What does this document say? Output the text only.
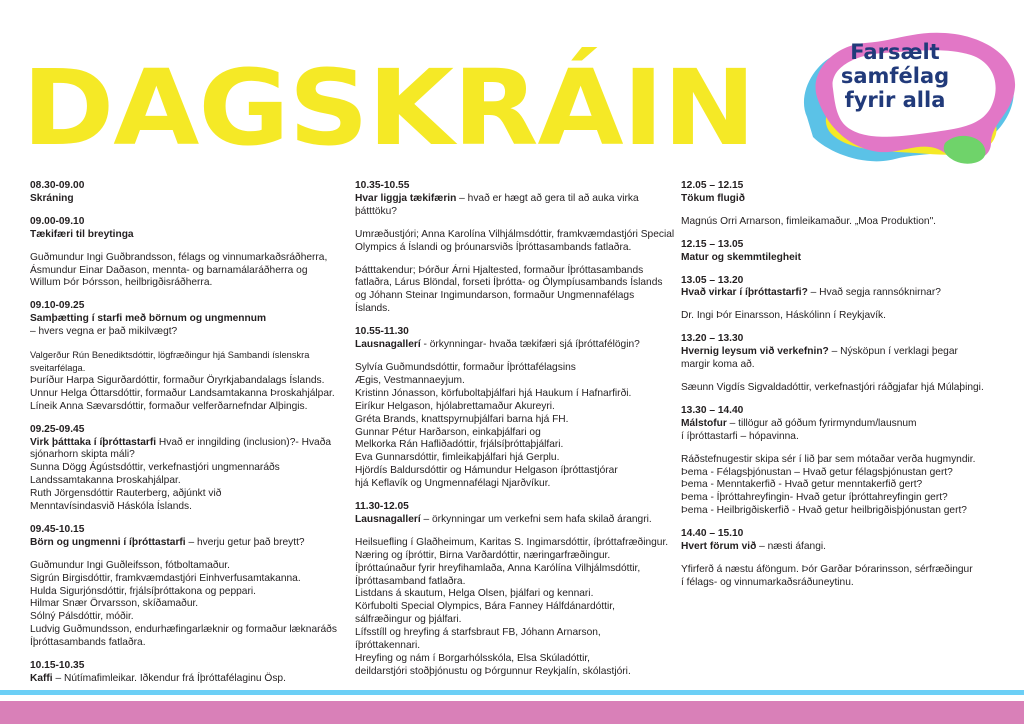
DAGSKRÁIN	Farsælt
samfélag
fyrir alla
08.30-09.00
Skráning
09.00-09.10
Tækifæri til breytinga
Guðmundur Ingi Guðbrandsson, félags og vinnumarkaðsráðherra,
Ásmundur Einar Daðason, mennta- og barnamálaráðherra og
Willum Þór Þórsson, heilbrigðisráðherra.
09.10-09.25
Samþætting í starfi með börnum og ungmennum
– hvers vegna er það mikilvægt?
Valgerður Rún Benediktsdóttir, lögfræðingur hjá Sambandi íslenskra sveitarfélaga.
Þuríður Harpa Sigurðardóttir, formaður Öryrkjabandalags Íslands.
Unnur Helga Óttarsdóttir, formaður Landsamtakanna Þroskahjálpar.
Líneik Anna Sævarsdóttir, formaður velferðarnefndar Alþingis.
09.25-09.45
Virk þátttaka í íþróttastarfi Hvað er inngilding (inclusion)?- Hvaða sjónarhorn skipta máli?
Sunna Dögg Ágústsdóttir, verkefnastjóri ungmennaráðs
Landssamtakanna Þroskahjálpar.
Ruth Jörgensdóttir Rauterberg, aðjúnkt við
Menntavísindasvið Háskóla Íslands.
09.45-10.15
Börn og ungmenni í íþróttastarfi – hverju getur það breytt?
Guðmundur Ingi Guðleifsson, fótboltamaður.
Sigrún Birgisdóttir, framkvæmdastjóri Einhverfusamtakanna.
Hulda Sigurjónsdóttir, frjálsíþróttakona og peppari.
Hilmar Snær Örvarsson, skíðamaður.
Sólný Pálsdóttir, móðir.
Ludvig Guðmundsson, endurhæfingarlæknir og formaður læknaráðs
Íþróttasambands fatlaðra.
10.15-10.35
Kaffi – Nútímafimleikar. Iðkendur frá Íþróttafélaginu Ösp.
10.35-10.55
Hvar liggja tækifærin – hvað er hægt að gera til að auka virka þátttöku?
Umræðustjóri; Anna Karolína Vilhjálmsdóttir, framkvæmdastjóri Special
Olympics á Íslandi og þróunarsviðs Íþróttasambands fatlaðra.
Þátttakendur; Þórður Árni Hjaltested, formaður Íþróttasambands
fatlaðra, Lárus Blöndal, forseti Íþrótta- og Ólympíusambands Íslands
og Jóhann Steinar Ingimundarson, formaður Ungmennafélags
Íslands.
10.55-11.30
Lausnagallerí - örkynningar- hvaða tækifæri sjá íþróttafélögin?
Sylvía Guðmundsdóttir, formaður Íþróttafélagsins
Ægis, Vestmannaeyjum.
Kristinn Jónasson, körfuboltaþjálfari hjá Haukum í Hafnarfirði.
Eiríkur Helgason, hjólabrettamaður Akureyri.
Gréta Brands, knattspyrnuþjálfari barna hjá FH.
Gunnar Pétur Harðarson, einkaþjálfari og
Melkorka Rán Hafliðadóttir, frjálsíþróttaþjálfari.
Eva Gunnarsdóttir, fimleikaþjálfari hjá Gerplu.
Hjördís Baldursdóttir og Hámundur Helgason íþróttastjórar
hjá Keflavík og Ungmennafélagi Njarðvíkur.
11.30-12.05
Lausnagallerí – örkynningar um verkefni sem hafa skilað árangri.
Heilsuefling í Glaðheimum, Karitas S. Ingimarsdóttir, íþróttafræðingur.
Næring og íþróttir, Birna Varðardóttir, næringarfræðingur.
Íþróttaúnaður fyrir hreyfihamlaða, Anna Karólína Vilhjálmsdóttir,
Íþróttasamband fatlaðra.
Listdans á skautum, Helga Olsen, þjálfari og kennari.
Körfubolti Special Olympics, Bára Fanney Hálfdánardóttir,
sálfræðingur og þjálfari.
Lífsstíll og hreyfing á starfsbraut FB, Jóhann Arnarson,
íþróttakennari.
Hreyfing og nám í Borgarhólsskóla, Elsa Skúladóttir,
deildarstjóri stoðþjónustu og Þórgunnur Reykjalín, skólastjóri.
12.05 – 12.15
Tökum flugið
Magnús Orri Arnarson, fimleikamaður. „Moa Produktion".
12.15 – 13.05
Matur og skemmtilegheit
13.05 – 13.20
Hvað virkar í íþróttastarfi? – Hvað segja rannsóknirnar?
Dr. Ingi Þór Einarsson, Háskólinn í Reykjavík.
13.20 – 13.30
Hvernig leysum við verkefnin? – Nýsköpun í verklagi þegar
margir koma að.
Sæunn Vigdís Sigvaldadóttir, verkefnastjóri ráðgjafar hjá Múlaþingi.
13.30 – 14.40
Málstofur – tillögur að góðum fyrirmyndum/lausnum
í íþróttastarfi – hópavinna.
Ráðstefnugestir skipa sér í lið þar sem mótaðar verða hugmyndir.
Þema - Félagsþjónustan – Hvað getur félagsþjónustan gert?
Þema - Menntakerfið - Hvað getur menntakerfið gert?
Þema - Íþróttahreyfingin- Hvað getur íþróttahreyfingin gert?
Þema - Heilbrigðiskerfið - Hvað getur heilbrigðisþjónustan gert?
14.40 – 15.10
Hvert förum við – næsti áfangi.
Yfirferð á næstu áföngum. Þór Garðar Þórarinsson, sérfræðingur
í félags- og vinnumarkaðsráðuneytinu.
